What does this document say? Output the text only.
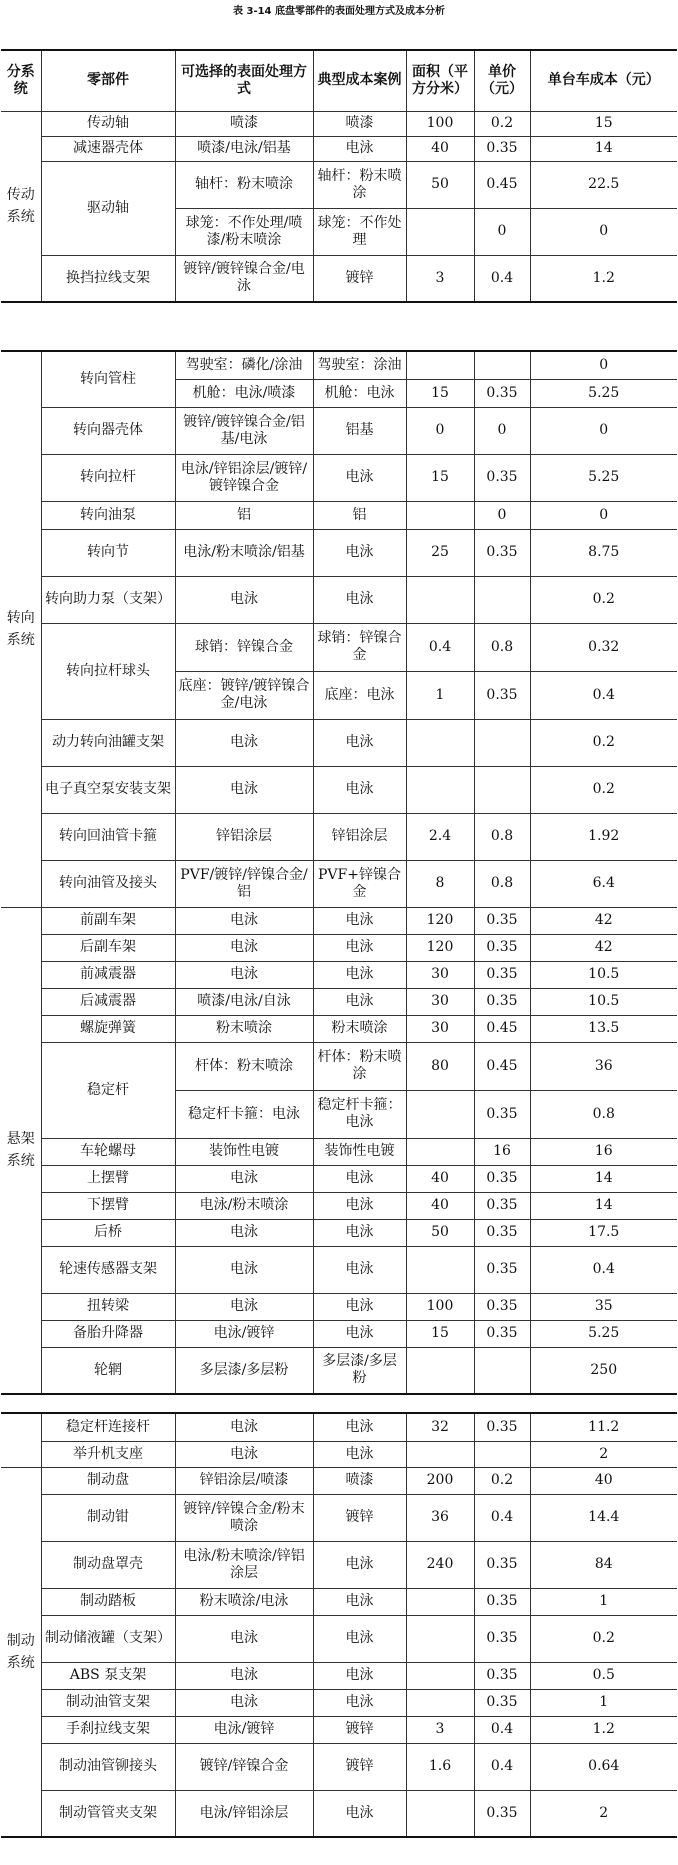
表 3-14 底盘零部件的表面处理方式及成本分析
分系统	零部件	可选择的表面处理方式	典型成本案例	面积（平方分米）	单价（元）	单台车成本（元）
传动系统	传动轴	喷漆	喷漆	100	0.2	15
	减速器壳体	喷漆/电泳/铝基	电泳	40	0.35	14
	驱动轴	轴杆：粉末喷涂	轴杆：粉末喷涂	50	0.45	22.5
		球笼：不作处理/喷漆/粉末喷涂	球笼：不作处理		0	0
	换挡拉线支架	镀锌/镀锌镍合金/电泳	镀锌	3	0.4	1.2
转向系统	转向管柱	驾驶室：磷化/涂油	驾驶室：涂油			0
		机舱：电泳/喷漆	机舱：电泳	15	0.35	5.25
	转向器壳体	镀锌/镀锌镍合金/铝基/电泳	铝基	0	0	0
	转向拉杆	电泳/锌铝涂层/镀锌/镀锌镍合金	电泳	15	0.35	5.25
	转向油泵	铝	铝		0	0
	转向节	电泳/粉末喷涂/铝基	电泳	25	0.35	8.75
	转向助力泵（支架）	电泳	电泳			0.2
	转向拉杆球头	球销：锌镍合金	球销：锌镍合金	0.4	0.8	0.32
		底座：镀锌/镀锌镍合金/电泳	底座：电泳	1	0.35	0.4
	动力转向油罐支架	电泳	电泳			0.2
	电子真空泵安装支架	电泳	电泳			0.2
	转向回油管卡箍	锌铝涂层	锌铝涂层	2.4	0.8	1.92
	转向油管及接头	PVF/镀锌/锌镍合金/铝	PVF+锌镍合金	8	0.8	6.4
悬架系统	前副车架	电泳	电泳	120	0.35	42
	后副车架	电泳	电泳	120	0.35	42
	前减震器	电泳	电泳	30	0.35	10.5
	后减震器	喷漆/电泳/自泳	电泳	30	0.35	10.5
	螺旋弹簧	粉末喷涂	粉末喷涂	30	0.45	13.5
	稳定杆	杆体：粉末喷涂	杆体：粉末喷涂	80	0.45	36
		稳定杆卡箍：电泳	稳定杆卡箍：电泳		0.35	0.8
	车轮螺母	装饰性电镀	装饰性电镀		16	16
	上摆臂	电泳	电泳	40	0.35	14
	下摆臂	电泳/粉末喷涂	电泳	40	0.35	14
	后桥	电泳	电泳	50	0.35	17.5
	轮速传感器支架	电泳	电泳		0.35	0.4
	扭转梁	电泳	电泳	100	0.35	35
	备胎升降器	电泳/镀锌	电泳	15	0.35	5.25
	轮辋	多层漆/多层粉	多层漆/多层粉			250
	稳定杆连接杆	电泳	电泳	32	0.35	11.2
	举升机支座	电泳	电泳			2
制动系统	制动盘	锌铝涂层/喷漆	喷漆	200	0.2	40
	制动钳	镀锌/锌镍合金/粉末喷涂	镀锌	36	0.4	14.4
	制动盘罩壳	电泳/粉末喷涂/锌铝涂层	电泳	240	0.35	84
	制动踏板	粉末喷涂/电泳	电泳		0.35	1
	制动储液罐（支架）	电泳	电泳		0.35	0.2
	ABS 泵支架	电泳	电泳		0.35	0.5
	制动油管支架	电泳	电泳		0.35	1
	手刹拉线支架	电泳/镀锌	镀锌	3	0.4	1.2
	制动油管铆接头	镀锌/锌镍合金	镀锌	1.6	0.4	0.64
	制动管管夹支架	电泳/锌铝涂层	电泳		0.35	2
